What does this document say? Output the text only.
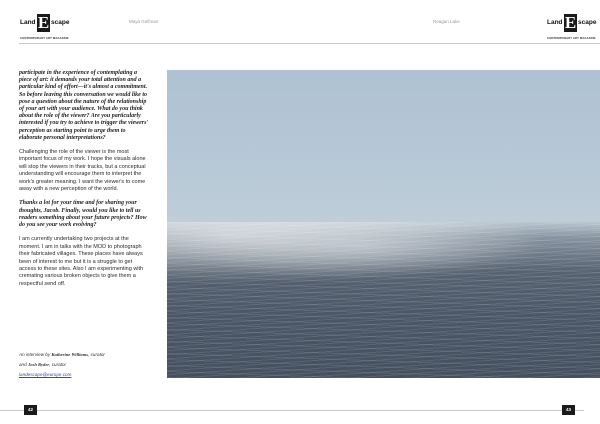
Land E scape
CONTEMPORARY ART MAGAZINE
Maya Gelfman

participate in the experience of contemplating a piece of art: it demands your total attention and a particular kind of effort—it's almost a commitment. So before leaving this conversation we would like to pose a question about the nature of the relationship of your art with your audience. What do you think about the role of the viewer? Are you particularly interested if you try to achieve to trigger the viewers' perception as starting point to urge them to elaborate personal interpretations?

Challenging the role of the viewer is the most important focus of my work. I hope the visuals alone will stop the viewers in their tracks, but a conceptual understanding will encourage them to interpret the work's greater meaning. I want the viewer's to come away with a new perception of the world.

Thanks a lot for your time and for sharing your thoughts, Jacob. Finally, would you like to tell us readers something about your future projects? How do you see your work evolving?

I am currently undertaking two projects at the moment. I am in talks with the MOD to photograph their fabricated villages. These places have always been of interest to me but it is a struggle to get access to these sites. Also I am experimenting with cremating various broken objects to give them a respectful send off.

An interview by Katherine Williams, curator
and Josh Ryder, curator
landescape@europe.com
42
Reagan Lake	Land E scape
CONTEMPORARY ART MAGAZINE
43
